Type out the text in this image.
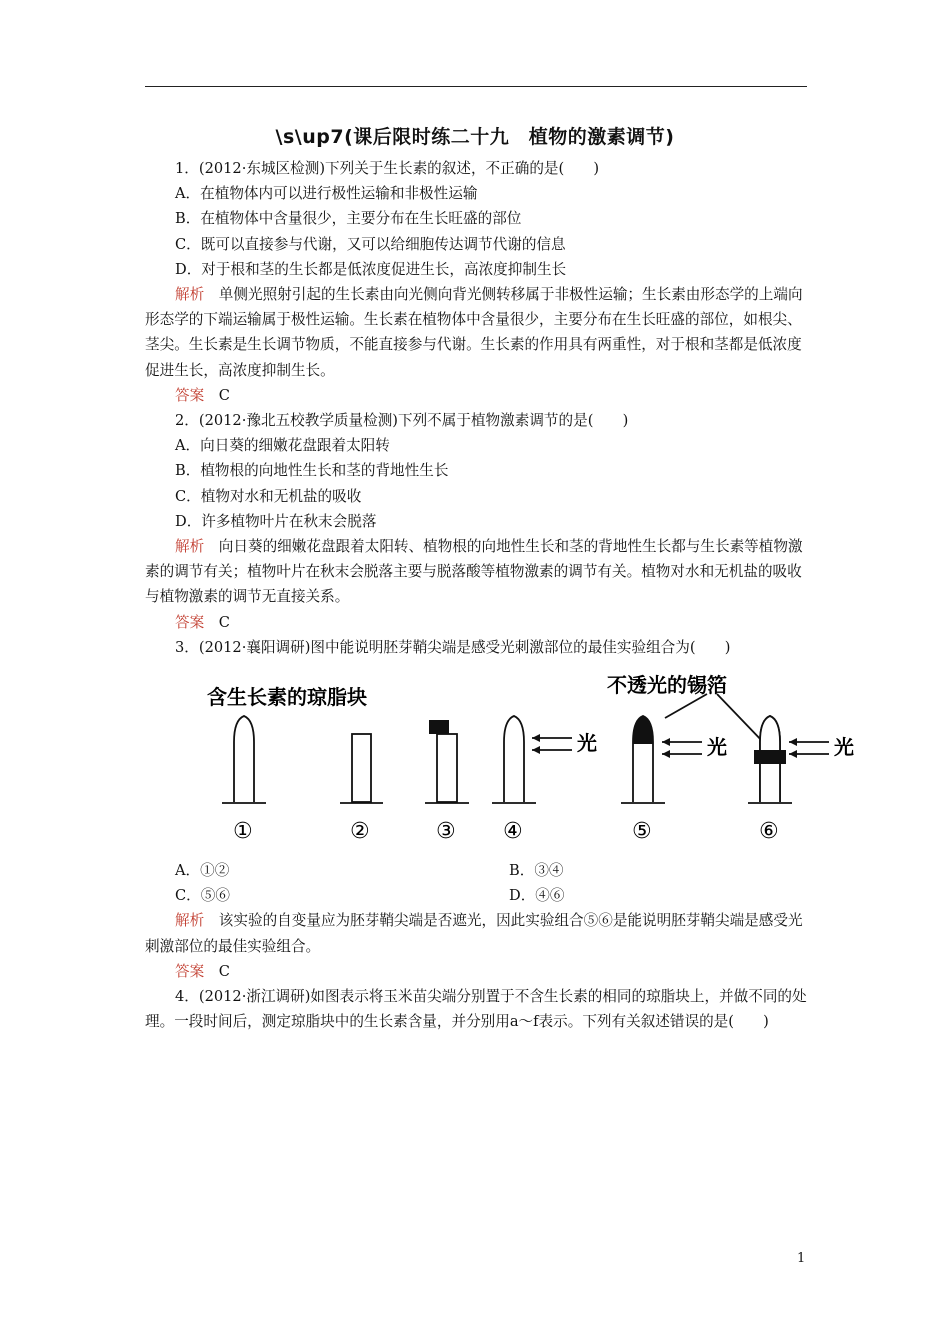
\s\up7(课后限时练二十九　植物的激素调节)

1．(2012·东城区检测)下列关于生长素的叙述，不正确的是(　　)

A．在植物体内可以进行极性运输和非极性运输

B．在植物体中含量很少，主要分布在生长旺盛的部位

C．既可以直接参与代谢，又可以给细胞传达调节代谢的信息

D．对于根和茎的生长都是低浓度促进生长，高浓度抑制生长

解析　单侧光照射引起的生长素由向光侧向背光侧转移属于非极性运输；生长素由形态学的上端向形态学的下端运输属于极性运输。生长素在植物体中含量很少，主要分布在生长旺盛的部位，如根尖、茎尖。生长素是生长调节物质，不能直接参与代谢。生长素的作用具有两重性，对于根和茎都是低浓度促进生长，高浓度抑制生长。

答案　C

2．(2012·豫北五校教学质量检测)下列不属于植物激素调节的是(　　)

A．向日葵的细嫩花盘跟着太阳转

B．植物根的向地性生长和茎的背地性生长

C．植物对水和无机盐的吸收

D．许多植物叶片在秋末会脱落

解析　向日葵的细嫩花盘跟着太阳转、植物根的向地性生长和茎的背地性生长都与生长素等植物激素的调节有关；植物叶片在秋末会脱落主要与脱落酸等植物激素的调节有关。植物对水和无机盐的吸收与植物激素的调节无直接关系。

答案　C

3．(2012·襄阳调研)图中能说明胚芽鞘尖端是感受光刺激部位的最佳实验组合为(　　)

含生长素的琼脂块	不透光的锡箔
光	光	光
①	②	③ ④	⑤	⑥
A．①②	B．③④
C．⑤⑥	D．④⑥

解析　该实验的自变量应为胚芽鞘尖端是否遮光，因此实验组合⑤⑥是能说明胚芽鞘尖端是感受光刺激部位的最佳实验组合。

答案　C

4．(2012·浙江调研)如图表示将玉米苗尖端分别置于不含生长素的相同的琼脂块上，并做不同的处理。一段时间后，测定琼脂块中的生长素含量，并分别用a～f表示。下列有关叙述错误的是(　　)

1
